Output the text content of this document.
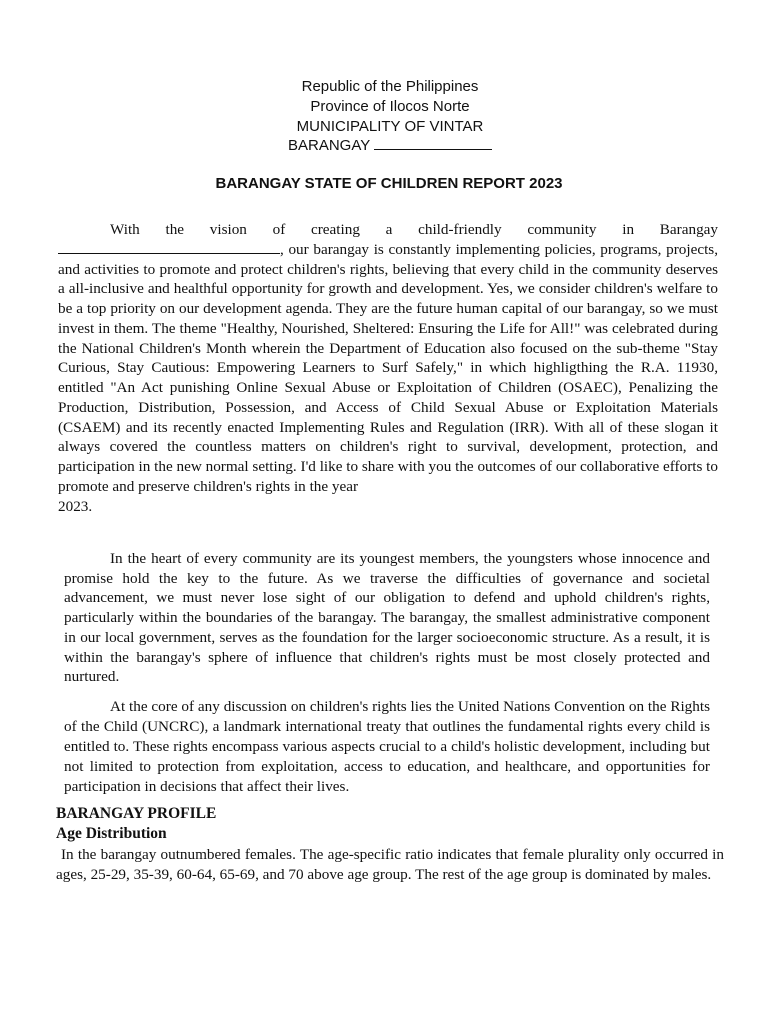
Republic of the Philippines
Province of Ilocos Norte
MUNICIPALITY OF VINTAR
BARANGAY
BARANGAY STATE OF CHILDREN REPORT 2023

With the vision of creating a child-friendly community in Barangay , our barangay is constantly implementing policies, programs, projects, and activities to promote and protect children's rights, believing that every child in the community deserves a all-inclusive and healthful opportunity for growth and development. Yes, we consider children's welfare to be a top priority on our development agenda. They are the future human capital of our barangay, so we must invest in them. The theme "Healthy, Nourished, Sheltered: Ensuring the Life for All!" was celebrated during the National Children's Month wherein the Department of Education also focused on the sub-theme "Stay Curious, Stay Cautious: Empowering Learners to Surf Safely," in which highligthing the R.A. 11930, entitled "An Act punishing Online Sexual Abuse or Exploitation of Children (OSAEC), Penalizing the Production, Distribution, Possession, and Access of Child Sexual Abuse or Exploitation Materials (CSAEM) and its recently enacted Implementing Rules and Regulation (IRR). With all of these slogan it always covered the countless matters on children's right to survival, development, protection, and participation in the new normal setting. I'd like to share with you the outcomes of our collaborative efforts to promote and preserve children's rights in the year
2023.

In the heart of every community are its youngest members, the youngsters whose innocence and promise hold the key to the future. As we traverse the difficulties of governance and societal advancement, we must never lose sight of our obligation to defend and uphold children's rights, particularly within the boundaries of the barangay. The barangay, the smallest administrative component in our local government, serves as the foundation for the larger socioeconomic structure. As a result, it is within the barangay's sphere of influence that children's rights must be most closely protected and nurtured.

At the core of any discussion on children's rights lies the United Nations Convention on the Rights of the Child (UNCRC), a landmark international treaty that outlines the fundamental rights every child is entitled to. These rights encompass various aspects crucial to a child's holistic development, including but not limited to protection from exploitation, access to education, and healthcare, and opportunities for participation in decisions that affect their lives.

BARANGAY PROFILE
Age Distribution

In the barangay outnumbered females. The age-specific ratio indicates that female plurality only occurred in ages, 25-29, 35-39, 60-64, 65-69, and 70 above age group. The rest of the age group is dominated by males.
